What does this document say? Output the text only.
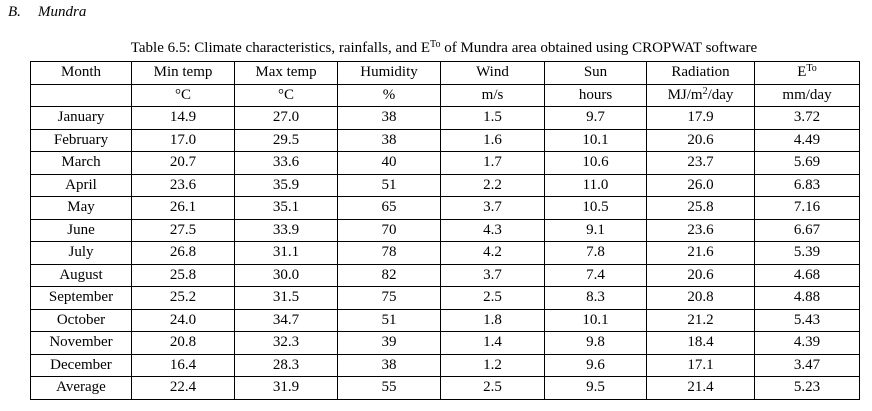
B. Mundra
Table 6.5: Climate characteristics, rainfalls, and $E^{To}$ of Mundra area obtained using CROPWAT software
Month	Min temp	Max temp	Humidity	Wind	Sun	Radiation	$E^{To}$
	°C	°C	%	m/s	hours	$MJ/m^2$/day	mm/day
January	14.9	27.0	38	1.5	9.7	17.9	3.72
February	17.0	29.5	38	1.6	10.1	20.6	4.49
March	20.7	33.6	40	1.7	10.6	23.7	5.69
April	23.6	35.9	51	2.2	11.0	26.0	6.83
May	26.1	35.1	65	3.7	10.5	25.8	7.16
June	27.5	33.9	70	4.3	9.1	23.6	6.67
July	26.8	31.1	78	4.2	7.8	21.6	5.39
August	25.8	30.0	82	3.7	7.4	20.6	4.68
September	25.2	31.5	75	2.5	8.3	20.8	4.88
October	24.0	34.7	51	1.8	10.1	21.2	5.43
November	20.8	32.3	39	1.4	9.8	18.4	4.39
December	16.4	28.3	38	1.2	9.6	17.1	3.47
Average	22.4	31.9	55	2.5	9.5	21.4	5.23
